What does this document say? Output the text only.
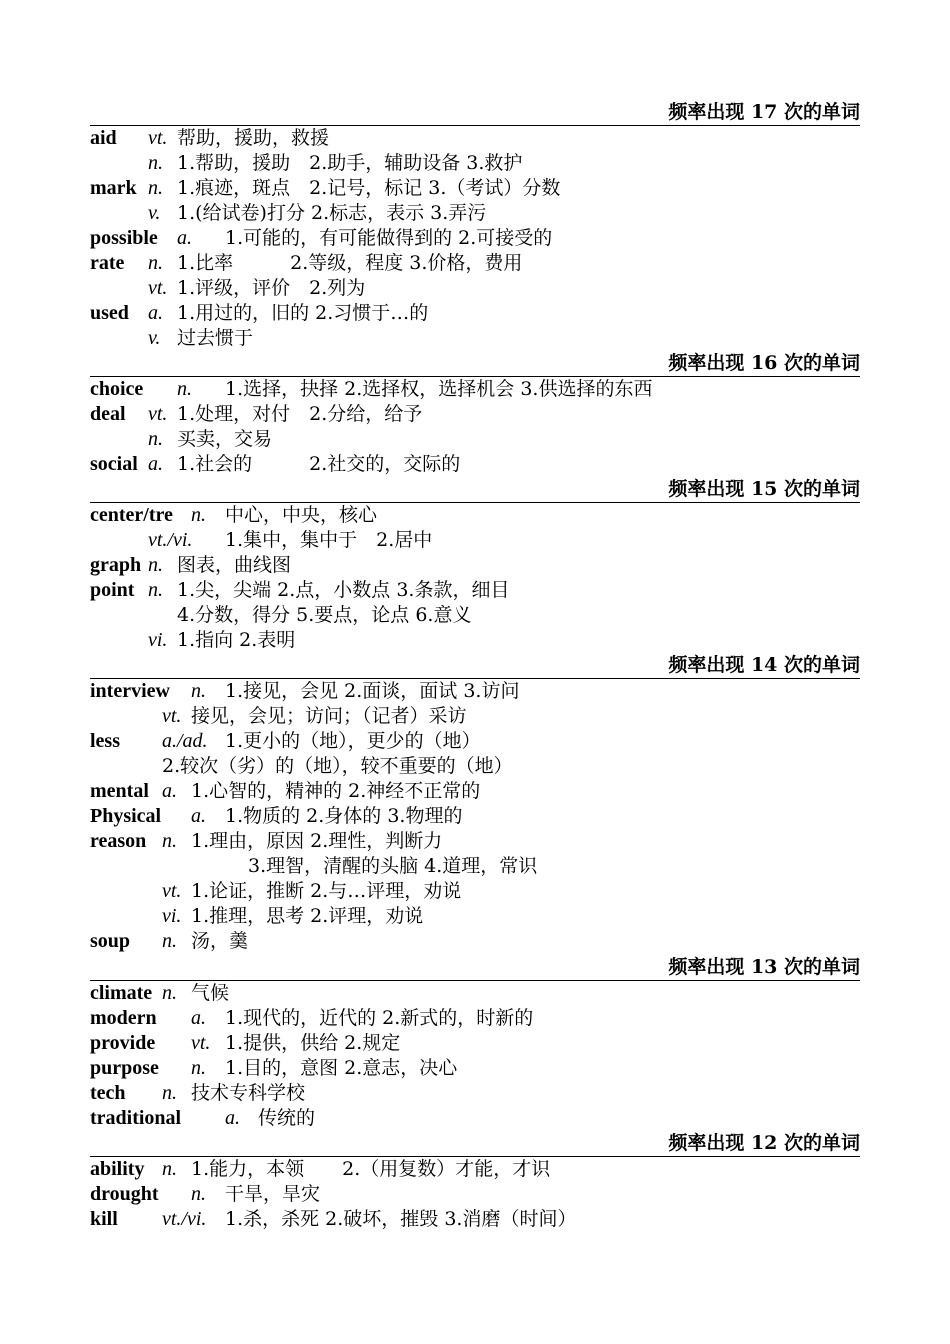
频率出现 17 次的单词
aid vt. 帮助，援助，救援
n. 1.帮助，援助　2.助手，辅助设备 3.救护
mark n. 1.痕迹，斑点　2.记号，标记 3.（考试）分数
v. 1.(给试卷)打分 2.标志，表示 3.弄污
possible a. 1.可能的，有可能做得到的 2.可接受的
rate n. 1.比率　　　2.等级，程度 3.价格，费用
vt. 1.评级，评价　2.列为
used a. 1.用过的，旧的 2.习惯于…的
v. 过去惯于
频率出现 16 次的单词
choice n. 1.选择，抉择 2.选择权，选择机会 3.供选择的东西
deal vt. 1.处理，对付　2.分给，给予
n. 买卖，交易
social a. 1.社会的　　　2.社交的，交际的
频率出现 15 次的单词
center/tre n. 中心，中央，核心
vt./vi. 1.集中，集中于　2.居中
graph n. 图表，曲线图
point n. 1.尖，尖端 2.点，小数点 3.条款，细目
4.分数，得分 5.要点，论点 6.意义
vi. 1.指向 2.表明
频率出现 14 次的单词
interview n. 1.接见，会见 2.面谈，面试 3.访问
vt. 接见，会见；访问；（记者）采访
less a./ad. 1.更小的（地），更少的（地）
2.较次（劣）的（地），较不重要的（地）
mental a. 1.心智的，精神的 2.神经不正常的
Physical a. 1.物质的 2.身体的 3.物理的
reason n. 1.理由，原因 2.理性，判断力
3.理智，清醒的头脑 4.道理，常识
vt. 1.论证，推断 2.与…评理，劝说
vi. 1.推理，思考 2.评理，劝说
soup n. 汤，羹
频率出现 13 次的单词
climate n. 气候
modern a. 1.现代的，近代的 2.新式的，时新的
provide vt. 1.提供，供给 2.规定
purpose n. 1.目的，意图 2.意志，决心
tech n. 技术专科学校
traditional a. 传统的
频率出现 12 次的单词
ability n. 1.能力，本领　　2.（用复数）才能，才识
drought n. 干旱，旱灾
kill vt./vi. 1.杀，杀死 2.破坏，摧毁 3.消磨（时间）
